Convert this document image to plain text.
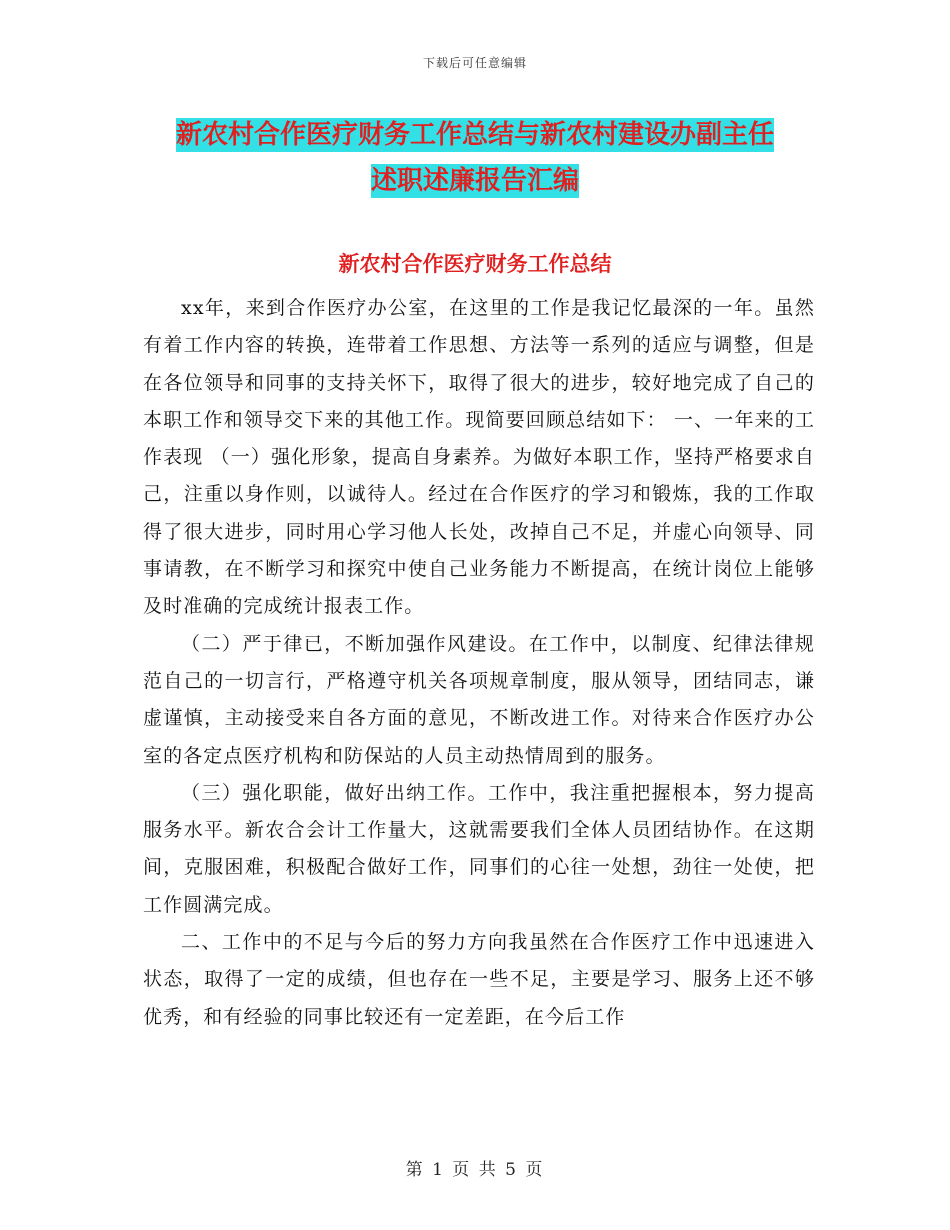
下载后可任意编辑
新农村合作医疗财务工作总结与新农村建设办副主任
述职述廉报告汇编
新农村合作医疗财务工作总结

xx年，来到合作医疗办公室，在这里的工作是我记忆最深的一年。虽然有着工作内容的转换，连带着工作思想、方法等一系列的适应与调整，但是在各位领导和同事的支持关怀下，取得了很大的进步，较好地完成了自己的本职工作和领导交下来的其他工作。现简要回顾总结如下： 一、一年来的工作表现 （一）强化形象，提高自身素养。为做好本职工作，坚持严格要求自己，注重以身作则，以诚待人。经过在合作医疗的学习和锻炼，我的工作取得了很大进步，同时用心学习他人长处，改掉自己不足，并虚心向领导、同事请教，在不断学习和探究中使自己业务能力不断提高，在统计岗位上能够及时准确的完成统计报表工作。

（二）严于律已，不断加强作风建设。在工作中，以制度、纪律法律规范自己的一切言行，严格遵守机关各项规章制度，服从领导，团结同志，谦虚谨慎，主动接受来自各方面的意见，不断改进工作。对待来合作医疗办公室的各定点医疗机构和防保站的人员主动热情周到的服务。

（三）强化职能，做好出纳工作。工作中，我注重把握根本，努力提高服务水平。新农合会计工作量大，这就需要我们全体人员团结协作。在这期间，克服困难，积极配合做好工作，同事们的心往一处想，劲往一处使，把工作圆满完成。

二、工作中的不足与今后的努力方向我虽然在合作医疗工作中迅速进入状态，取得了一定的成绩，但也存在一些不足，主要是学习、服务上还不够优秀，和有经验的同事比较还有一定差距，在今后工作

第 1 页 共 5 页
